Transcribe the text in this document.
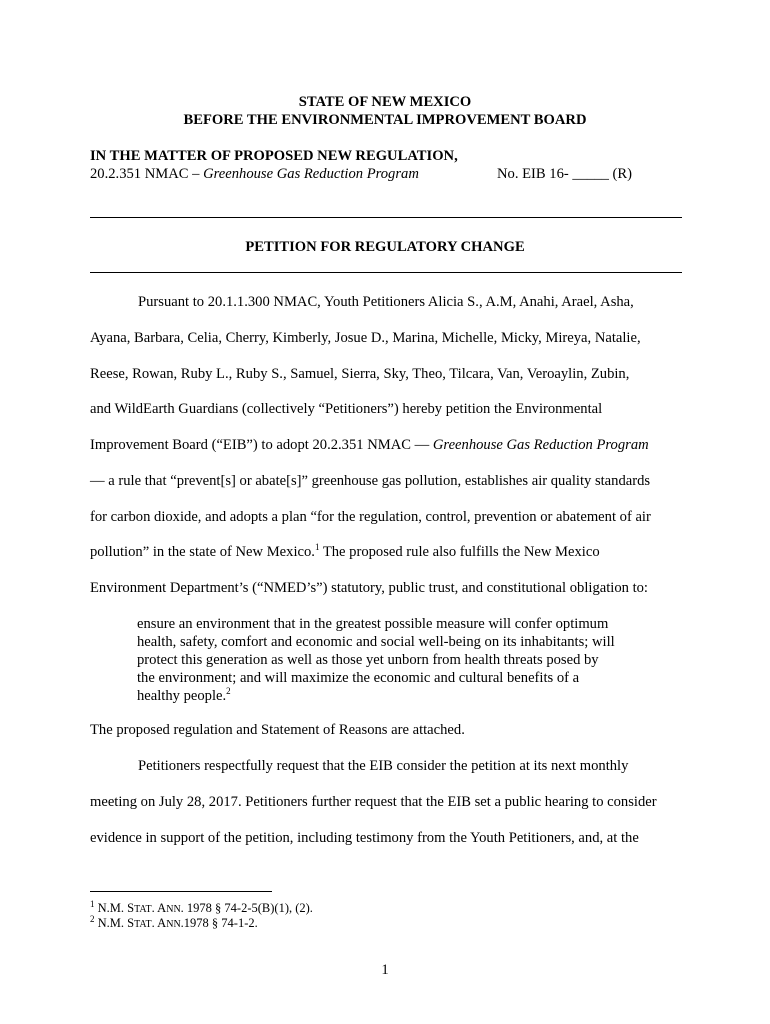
STATE OF NEW MEXICO
BEFORE THE ENVIRONMENTAL IMPROVEMENT BOARD
IN THE MATTER OF PROPOSED NEW REGULATION,
20.2.351 NMAC – Greenhouse Gas Reduction Program	No. EIB 16- _____ (R)
PETITION FOR REGULATORY CHANGE
Pursuant to 20.1.1.300 NMAC, Youth Petitioners Alicia S., A.M, Anahi, Arael, Asha,
Ayana, Barbara, Celia, Cherry, Kimberly, Josue D., Marina, Michelle, Micky, Mireya, Natalie,
Reese, Rowan, Ruby L., Ruby S., Samuel, Sierra, Sky, Theo, Tilcara, Van, Veroaylin, Zubin,
and WildEarth Guardians (collectively “Petitioners”) hereby petition the Environmental
Improvement Board (“EIB”) to adopt 20.2.351 NMAC — Greenhouse Gas Reduction Program
— a rule that “prevent[s] or abate[s]” greenhouse gas pollution, establishes air quality standards
for carbon dioxide, and adopts a plan “for the regulation, control, prevention or abatement of air
pollution” in the state of New Mexico.$^1$ The proposed rule also fulfills the New Mexico
Environment Department’s (“NMED’s”) statutory, public trust, and constitutional obligation to:
ensure an environment that in the greatest possible measure will confer optimum
health, safety, comfort and economic and social well-being on its inhabitants; will
protect this generation as well as those yet unborn from health threats posed by
the environment; and will maximize the economic and cultural benefits of a
healthy people.$^2$
The proposed regulation and Statement of Reasons are attached.
Petitioners respectfully request that the EIB consider the petition at its next monthly
meeting on July 28, 2017. Petitioners further request that the EIB set a public hearing to consider
evidence in support of the petition, including testimony from the Youth Petitioners, and, at the
$^1$ N.M. STAT. ANN. 1978 § 74-2-5(B)(1), (2).
$^2$ N.M. STAT. ANN.1978 § 74-1-2.
1
